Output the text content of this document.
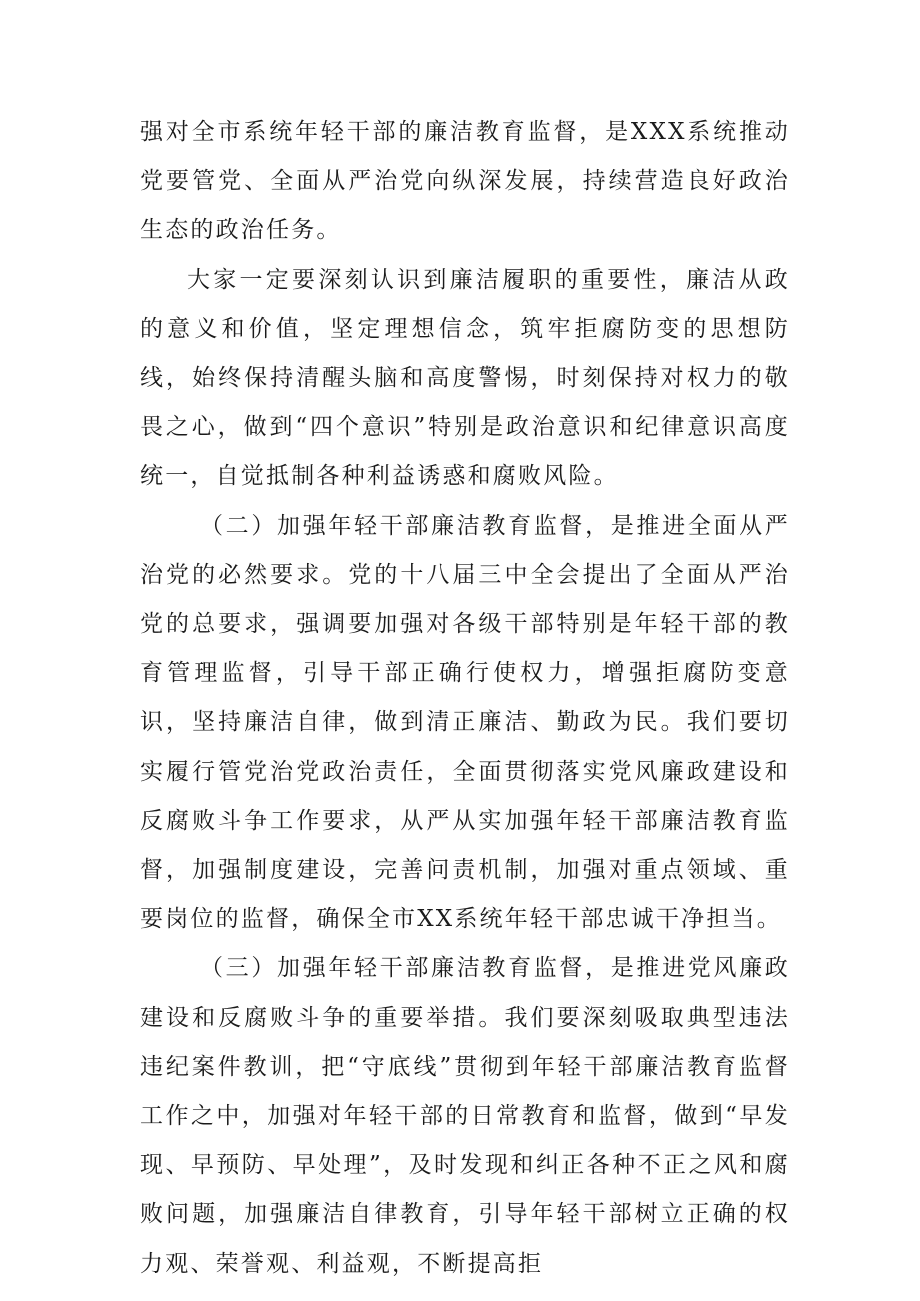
强对全市系统年轻干部的廉洁教育监督，是XXX系统推动党要管党、全面从严治党向纵深发展，持续营造良好政治生态的政治任务。

大家一定要深刻认识到廉洁履职的重要性，廉洁从政的意义和价值，坚定理想信念，筑牢拒腐防变的思想防线，始终保持清醒头脑和高度警惕，时刻保持对权力的敬畏之心，做到“四个意识”特别是政治意识和纪律意识高度统一，自觉抵制各种利益诱惑和腐败风险。

（二）加强年轻干部廉洁教育监督，是推进全面从严治党的必然要求。党的十八届三中全会提出了全面从严治党的总要求，强调要加强对各级干部特别是年轻干部的教育管理监督，引导干部正确行使权力，增强拒腐防变意识，坚持廉洁自律，做到清正廉洁、勤政为民。我们要切实履行管党治党政治责任，全面贯彻落实党风廉政建设和反腐败斗争工作要求，从严从实加强年轻干部廉洁教育监督，加强制度建设，完善问责机制，加强对重点领域、重要岗位的监督，确保全市XX系统年轻干部忠诚干净担当。

（三）加强年轻干部廉洁教育监督，是推进党风廉政建设和反腐败斗争的重要举措。我们要深刻吸取典型违法违纪案件教训，把“守底线”贯彻到年轻干部廉洁教育监督工作之中，加强对年轻干部的日常教育和监督，做到“早发现、早预防、早处理”，及时发现和纠正各种不正之风和腐败问题，加强廉洁自律教育，引导年轻干部树立正确的权力观、荣誉观、利益观，不断提高拒
